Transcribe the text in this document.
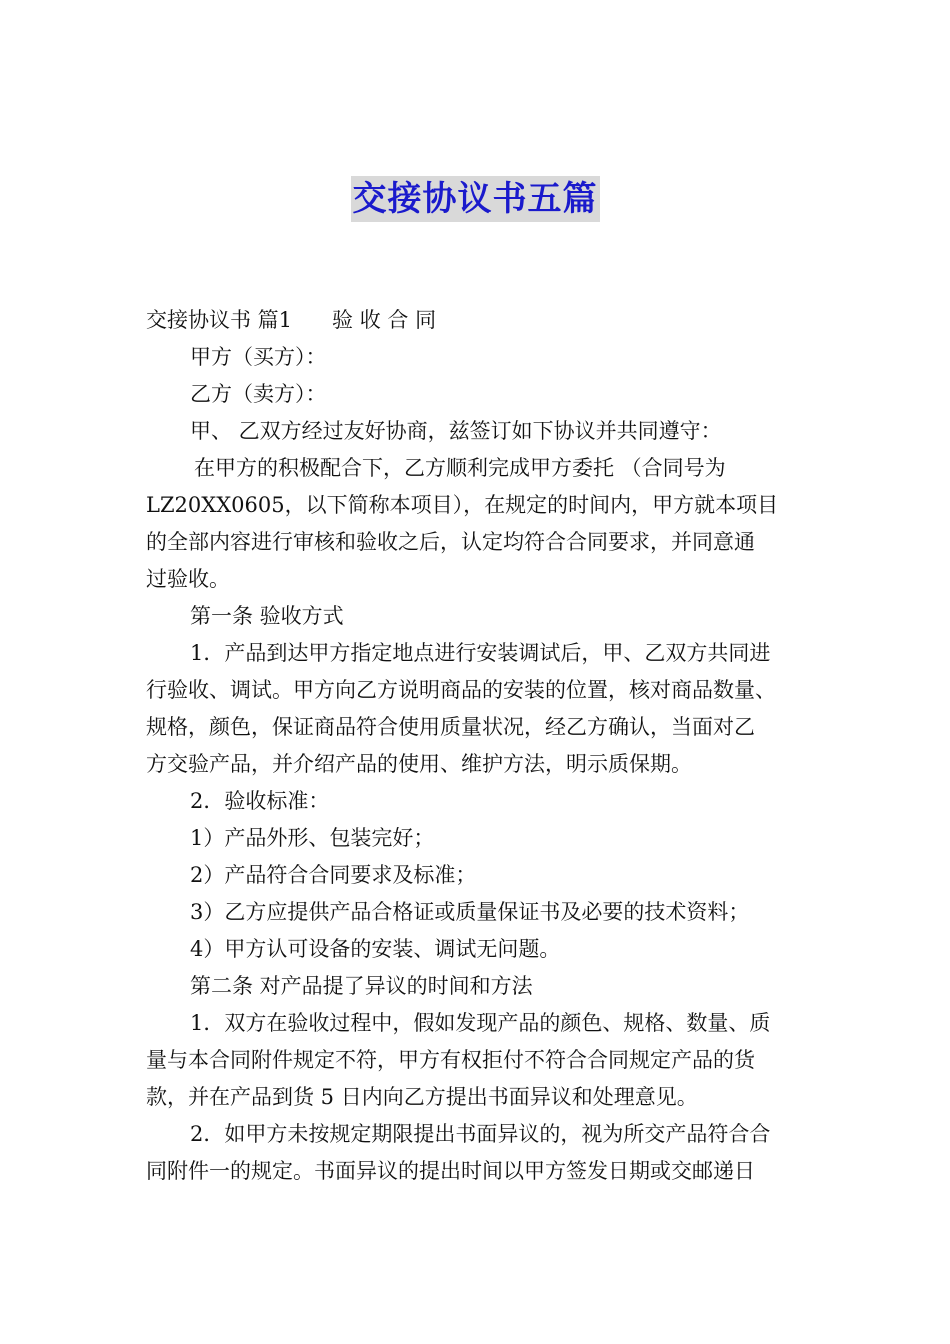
交接协议书五篇

交接协议书 篇1 验 收 合 同

甲方（买方）：

乙方（卖方）：

甲、 乙双方经过友好协商，兹签订如下协议并共同遵守：

在甲方的积极配合下，乙方顺利完成甲方委托 （合同号为

LZ20XX0605，以下简称本项目），在规定的时间内，甲方就本项目

的全部内容进行审核和验收之后，认定均符合合同要求，并同意通

过验收。

第一条 验收方式

1．产品到达甲方指定地点进行安装调试后，甲、乙双方共同进

行验收、调试。甲方向乙方说明商品的安装的位置，核对商品数量、

规格，颜色，保证商品符合使用质量状况，经乙方确认，当面对乙

方交验产品，并介绍产品的使用、维护方法，明示质保期。

2．验收标准：

1）产品外形、包装完好；

2）产品符合合同要求及标准；

3）乙方应提供产品合格证或质量保证书及必要的技术资料；

4）甲方认可设备的安装、调试无问题。

第二条 对产品提了异议的时间和方法

1．双方在验收过程中，假如发现产品的颜色、规格、数量、质

量与本合同附件规定不符，甲方有权拒付不符合合同规定产品的货

款，并在产品到货 5 日内向乙方提出书面异议和处理意见。

2．如甲方未按规定期限提出书面异议的，视为所交产品符合合

同附件一的规定。书面异议的提出时间以甲方签发日期或交邮递日
